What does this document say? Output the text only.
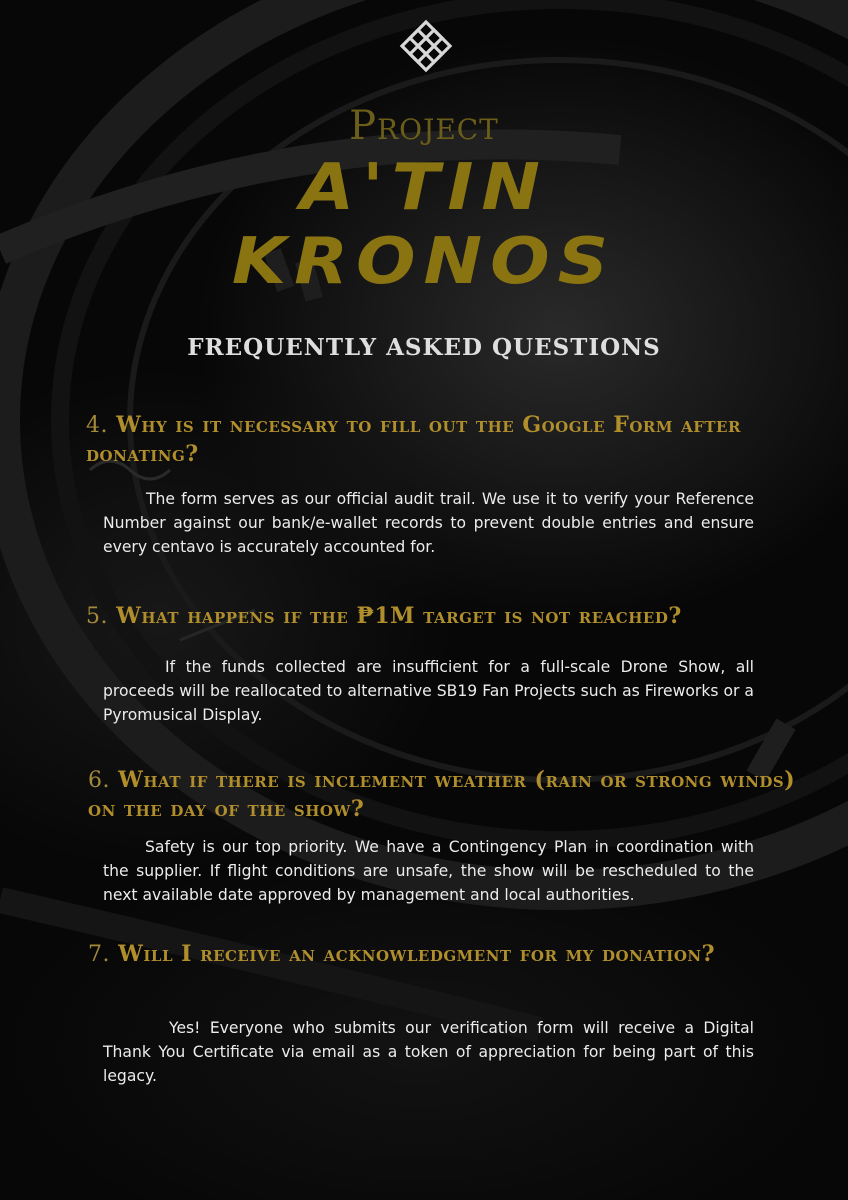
Project
A'TIN
KRONOS
FREQUENTLY ASKED QUESTIONS
4. Why is it necessary to fill out the Google Form after donating?
The form serves as our official audit trail. We use it to verify your Reference Number against our bank/e-wallet records to prevent double entries and ensure every centavo is accurately accounted for.
5. What happens if the ₱1M target is not reached?
If the funds collected are insufficient for a full-scale Drone Show, all proceeds will be reallocated to alternative SB19 Fan Projects such as Fireworks or a Pyromusical Display.
6. What if there is inclement weather (rain or strong winds) on the day of the show?
Safety is our top priority. We have a Contingency Plan in coordination with the supplier. If flight conditions are unsafe, the show will be rescheduled to the next available date approved by management and local authorities.
7. Will I receive an acknowledgment for my donation?
Yes! Everyone who submits our verification form will receive a Digital Thank You Certificate via email as a token of appreciation for being part of this legacy.
